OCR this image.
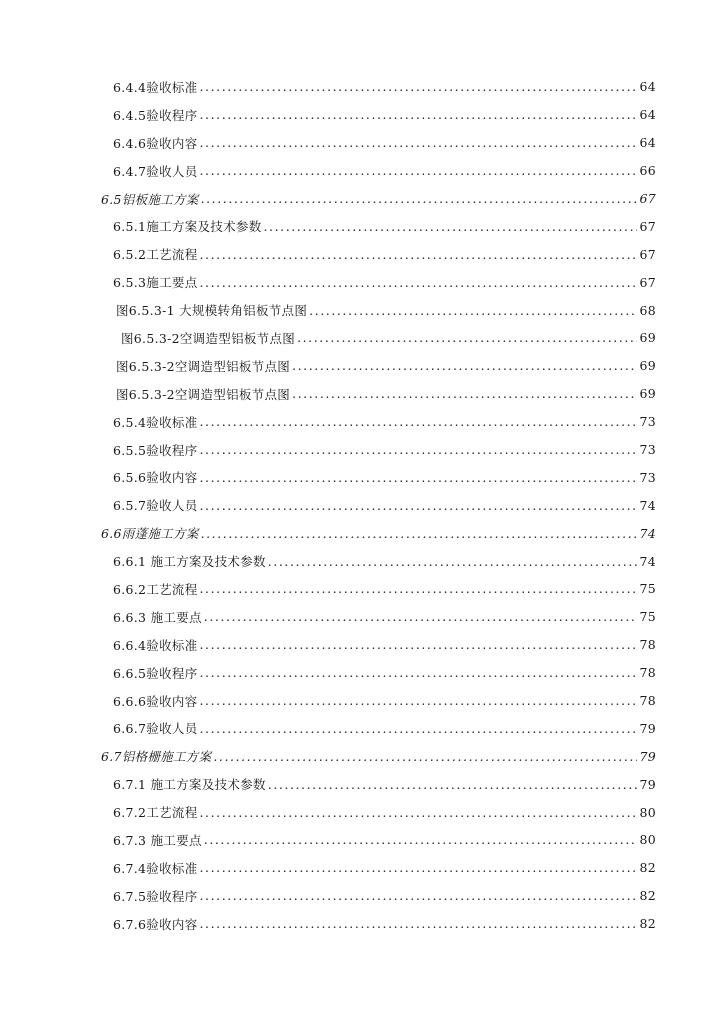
6.4.4验收标准 . . .	64
6.4.5验收程序 . . .	64
6.4.6验收内容 . . .	64
6.4.7验收人员 . . .	66
6.5铝板施工方案 . . .	67
6.5.1施工方案及技术参数 . . .	67
6.5.2工艺流程 . . .	67
6.5.3施工要点 . . .	67
图6.5.3-1 大规模转角铝板节点图 . . .	68
图6.5.3-2空调造型铝板节点图 . . .	69
图6.5.3-2空调造型铝板节点图 . . .	69
图6.5.3-2空调造型铝板节点图 . . .	69
6.5.4验收标准 . . .	73
6.5.5验收程序 . . .	73
6.5.6验收内容 . . .	73
6.5.7验收人员 . . .	74
6.6雨蓬施工方案 . . .	74
6.6.1 施工方案及技术参数 . . .	74
6.6.2工艺流程 . . .	75
6.6.3 施工要点 . . .	75
6.6.4验收标准 . . .	78
6.6.5验收程序 . . .	78
6.6.6验收内容 . . .	78
6.6.7验收人员 . . .	79
6.7铝格栅施工方案 . . .	79
6.7.1 施工方案及技术参数 . . .	79
6.7.2工艺流程 . . .	80
6.7.3 施工要点 . . .	80
6.7.4验收标准 . . .	82
6.7.5验收程序 . . .	82
6.7.6验收内容 . . .	82
